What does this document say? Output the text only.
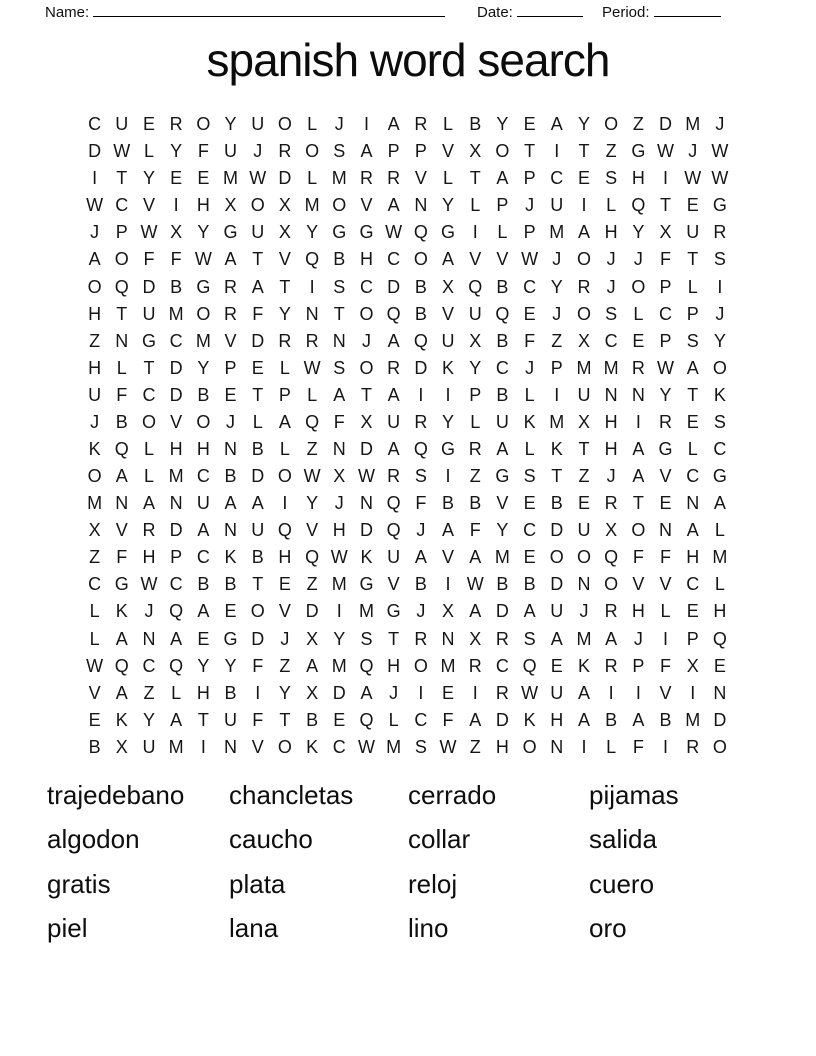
Name:	Date:	Period:
spanish word search
C U E R O Y U O L J	I	A R L B Y E A Y O Z D M J
D W L Y F U J R O S A P P V X O T	I	T Z G W J W
I	T Y E E M W D L M R R V L T A P C E S H	I W W
W C V	I	H X O X M O V A N Y L P J U	I	L Q T E G
J P W X Y G U X Y G G W Q G I	L P M A H Y X U R
A O F F W A T V Q B H C O A V V W J O J	J F T S
O Q D B G R A T	I	S C D B X Q B C Y R J O P L	I
H T U M O R F Y N T O Q B V U Q E J O S L C P J
Z N G C M V D R R N J A Q U X B F Z X C E P S Y
H L T D Y P E L W S O R D K Y C J P M M R W A O
U F C D B E T P L A T A	I	I	P B L	I	U N N Y T K
J B O V O J L A Q F X U R Y L U K M X H	I	R E S
K Q L H H N B L Z N D A Q G R A L K T H A G L C
O A L M C B D O W X W R S	I	Z G S T Z J A V C G
M N A N U A A	I	Y J N Q F B B V E B E R T E N A
X V R D A N U Q V H D Q J A F Y C D U X O N A L
Z F H P C K B H Q W K U A V A M E O O Q F F H M
C G W C B B T E Z M G V B	I W B B D N O V V C L
L K J Q A E O V D	I M G J X A D A U J R H L E H
L A N A E G D J X Y S T R N X R S A M A J	I	P Q
W Q C Q Y Y F Z A M Q H O M R C Q E K R P F X E
V A Z L H B	I	Y X D A J	I	E	I	R W U A	I	I	V	I	N
E K Y A T U F T B E Q L C F A D K H A B A B M D
B X U M I	N V O K C W M S W Z H O N	I	L F	I	R O
trajedebano	chancletas	cerrado	pijamas
algodon	caucho	collar	salida
gratis	plata	reloj	cuero
piel	lana	lino	oro
